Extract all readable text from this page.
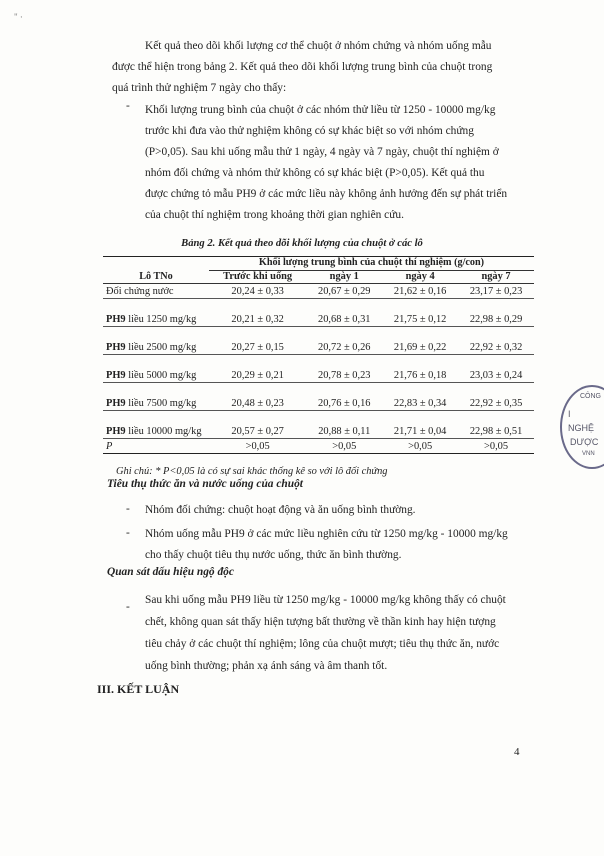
" ·
Kết quả theo dõi khối lượng cơ thể chuột ở nhóm chứng và nhóm uống mẫu
được thể hiện trong bảng 2. Kết quả theo dõi khối lượng trung bình của chuột trong
quá trình thử nghiệm 7 ngày cho thấy:
- Khối lượng trung bình của chuột ở các nhóm thử liều từ 1250 - 10000 mg/kg
trước khi đưa vào thử nghiệm không có sự khác biệt so với nhóm chứng
(P>0,05). Sau khi uống mẫu thử 1 ngày, 4 ngày và 7 ngày, chuột thí nghiệm ở
nhóm đối chứng và nhóm thử không có sự khác biệt (P>0,05). Kết quả thu
được chứng tỏ mẫu PH9 ở các mức liều này không ảnh hưởng đến sự phát triển
của chuột thí nghiệm trong khoảng thời gian nghiên cứu.
Bảng 2. Kết quả theo dõi khối lượng của chuột ở các lô
Lô TNo	Khối lượng trung bình của chuột thí nghiệm (g/con)			
	Trước khi uống	ngày 1	ngày 4	ngày 7
Đối chứng nước	20,24 ± 0,33	20,67 ± 0,29	21,62 ± 0,16	23,17 ± 0,23
PH9 liều 1250 mg/kg	20,21 ± 0,32	20,68 ± 0,31	21,75 ± 0,12	22,98 ± 0,29
PH9 liều 2500 mg/kg	20,27 ± 0,15	20,72 ± 0,26	21,69 ± 0,22	22,92 ± 0,32
PH9 liều 5000 mg/kg	20,29 ± 0,21	20,78 ± 0,23	21,76 ± 0,18	23,03 ± 0,24
PH9 liều 7500 mg/kg	20,48 ± 0,23	20,76 ± 0,16	22,83 ± 0,34	22,92 ± 0,35
PH9 liều 10000 mg/kg	20,57 ± 0,27	20,88 ± 0,11	21,71 ± 0,04	22,98 ± 0,51
P	>0,05	>0,05	>0,05	>0,05
Ghi chú: * P<0,05 là có sự sai khác thống kê so với lô đối chứng
Tiêu thụ thức ăn và nước uống của chuột
- Nhóm đối chứng: chuột hoạt động và ăn uống bình thường.
- Nhóm uống mẫu PH9 ở các mức liều nghiên cứu từ 1250 mg/kg - 10000 mg/kg
cho thấy chuột tiêu thụ nước uống, thức ăn bình thường.
Quan sát dấu hiệu ngộ độc
-
Sau khi uống mẫu PH9 liều từ 1250 mg/kg - 10000 mg/kg không thấy có chuột
chết, không quan sát thấy hiện tượng bất thường về thần kinh hay hiện tượng
tiêu chảy ở các chuột thí nghiệm; lông của chuột mượt; tiêu thụ thức ăn, nước
uống bình thường; phản xạ ánh sáng và âm thanh tốt.
III. KẾT LUẬN
4
CÔNG
I
NGHỆ
DƯỢC
VNN
